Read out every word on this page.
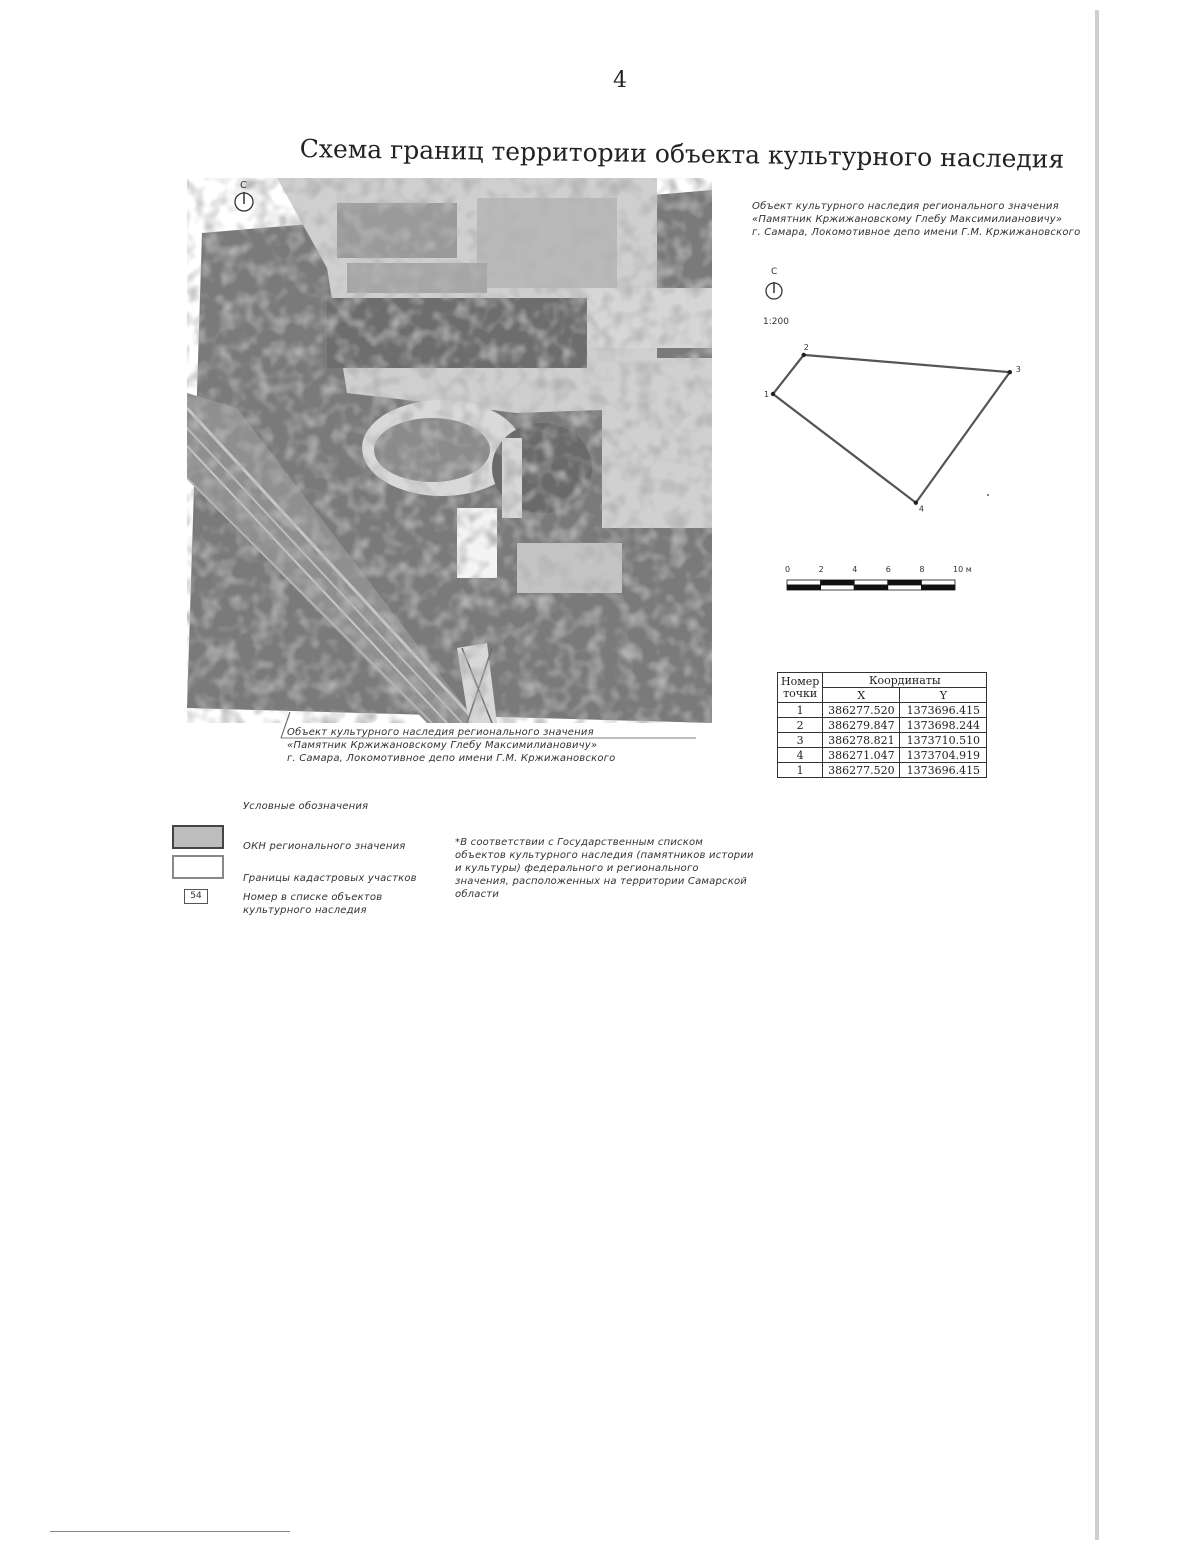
4
Схема границ территории объекта культурного наследия
С
Объект культурного наследия регионального значения
«Памятник Кржижановскому Глебу Максимилиановичу»
г. Самара, Локомотивное депо имени Г.М. Кржижановского
Объект культурного наследия регионального значения
«Памятник Кржижановскому Глебу Максимилиановичу»
г. Самара, Локомотивное депо имени Г.М. Кржижановского
С
1:200
1
2
3
4
0	2	4	6	8	10 м
Номер точки	Координаты	
	X	Y
1	386277.520	1373696.415
2	386279.847	1373698.244
3	386278.821	1373710.510
4	386271.047	1373704.919
1	386277.520	1373696.415
Условные обозначения
ОКН регионального значения
Границы кадастровых участков
54	Номер в списке объектов культурного наследия
*В соответствии с Государственным списком объектов культурного наследия (памятников истории и культуры) федерального и регионального значения, расположенных на территории Самарской области
